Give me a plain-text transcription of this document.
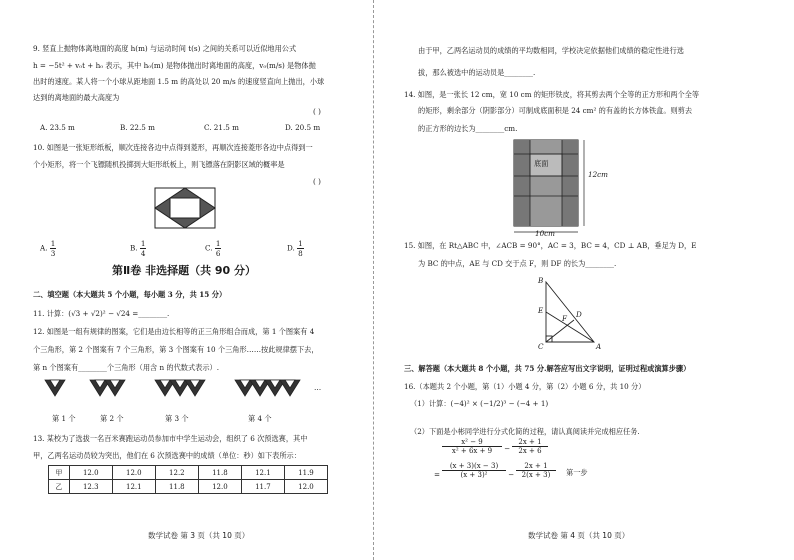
9. 竖直上抛物体离地面的高度 h(m) 与运动时间 t(s) 之间的关系可以近似地用公式
h = −5t² + v₀t + h₀ 表示，其中 h₀(m) 是物体抛出时离地面的高度，v₀(m/s) 是物体抛
出时的速度。某人将一个小球从距地面 1.5 m 的高处以 20 m/s 的速度竖直向上抛出，小球
达到的离地面的最大高度为
( )
A. 23.5 m	B. 22.5 m	C. 21.5 m	D. 20.5 m
10. 如图是一张矩形纸板，顺次连接各边中点得到菱形，再顺次连接菱形各边中点得到一
个小矩形，将一个飞镖随机投掷到大矩形纸板上，则飞镖落在阴影区域的概率是
( )
A. $\frac{1}{3}$	B. $\frac{1}{4}$	C. $\frac{1}{6}$	D. $\frac{1}{8}$
第Ⅱ卷 非选择题（共 90 分）
二、填空题（本大题共 5 个小题，每小题 3 分，共 15 分）
11. 计算：(√3 + √2)² − √24 =________.
12. 如图是一组有规律的图案，它们是由边长相等的正三角形组合而成，第 1 个图案有 4
个三角形，第 2 个图案有 7 个三角形，第 3 个图案有 10 个三角形……按此规律摆下去，
第 n 个图案有________个三角形（用含 n 的代数式表示）.
…
第 1 个	第 2 个	第 3 个	第 4 个
13. 某校为了选拔一名百米赛跑运动员参加市中学生运动会，组织了 6 次预选赛，其中
甲，乙两名运动员较为突出，他们在 6 次预选赛中的成绩（单位：秒）如下表所示：
甲	12.0	12.0	12.2	11.8	12.1	11.9
乙	12.3	12.1	11.8	12.0	11.7	12.0
数学试卷 第 3 页（共 10 页）
由于甲，乙两名运动员的成绩的平均数相同，学校决定依据他们成绩的稳定性进行选
拔，那么被选中的运动员是________.
14. 如图，是一张长 12 cm，宽 10 cm 的矩形铁皮，将其剪去两个全等的正方形和两个全等
的矩形，剩余部分（阴影部分）可制成底面积是 24 cm² 的有盖的长方体铁盒。则剪去
的正方形的边长为________cm.
底面
12cm
10cm
15. 如图，在 Rt△ABC 中，∠ACB = 90°，AC = 3，BC = 4，CD ⊥ AB，垂足为 D，E
为 BC 的中点，AE 与 CD 交于点 F，则 DF 的长为________.
B
E
F D
C	A
三、解答题（本大题共 8 个小题，共 75 分.解答应写出文字说明，证明过程或演算步骤）
16.（本题共 2 个小题，第（1）小题 4 分，第（2）小题 6 分，共 10 分）
（1）计算：(−4)² × (−1/2)³ − (−4 + 1)
（2）下面是小彬同学进行分式化简的过程，请认真阅读并完成相应任务.
$\frac{\text{x² − 9}}{\text{x² + 6x + 9}} - \frac{2x + 1}{2x + 6}$
= $\frac{(x + 3)(x - 3)}{\text{(x + 3)²}} - \frac{2x + 1}{2(x + 3)}$ 第一步
数学试卷 第 4 页（共 10 页）
